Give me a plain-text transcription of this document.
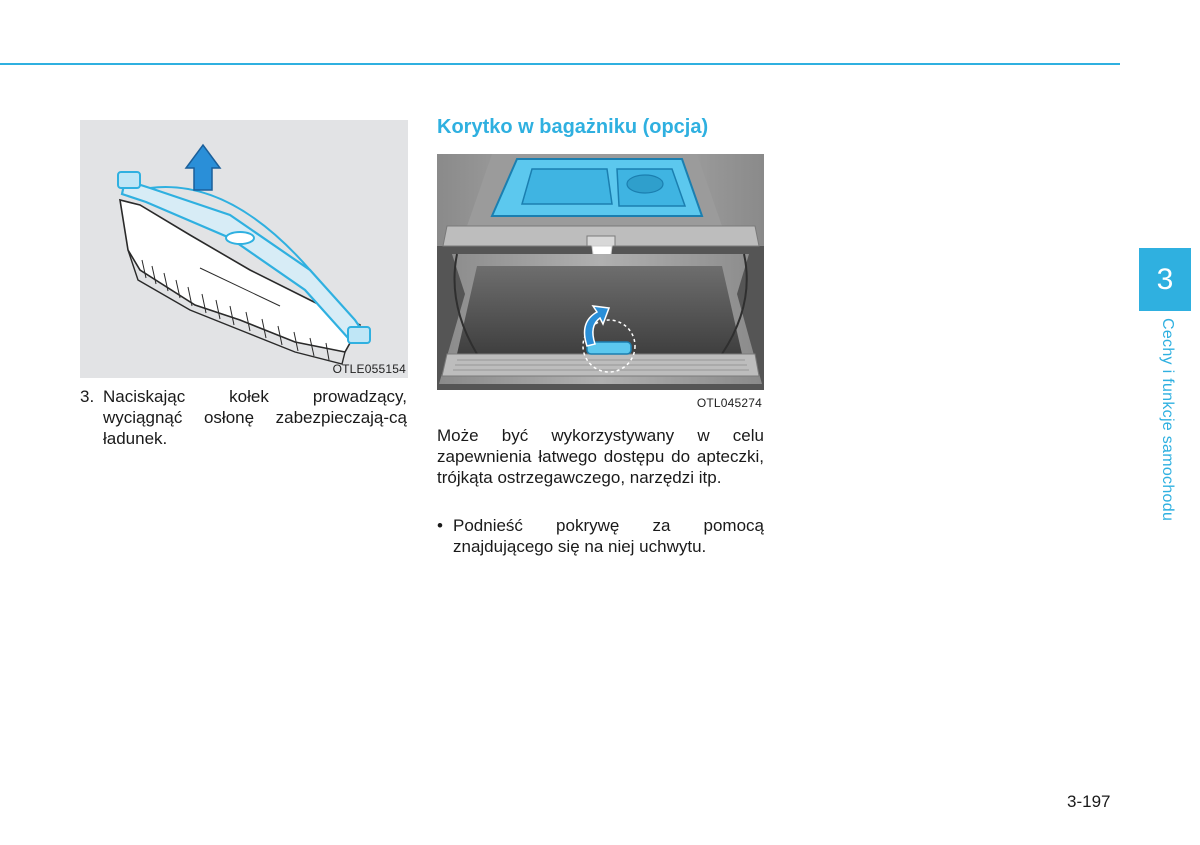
OTLE055154
3. Naciskając kołek prowadzący, wyciągnąć osłonę zabezpieczają-cą ładunek.
Korytko w bagażniku (opcja)
OTL045274
Może być wykorzystywany w celu zapewnienia łatwego dostępu do apteczki, trójkąta ostrzegawczego, narzędzi itp.
• Podnieść pokrywę za pomocą znajdującego się na niej uchwytu.
3
Cechy i funkcje samochodu
3-197
